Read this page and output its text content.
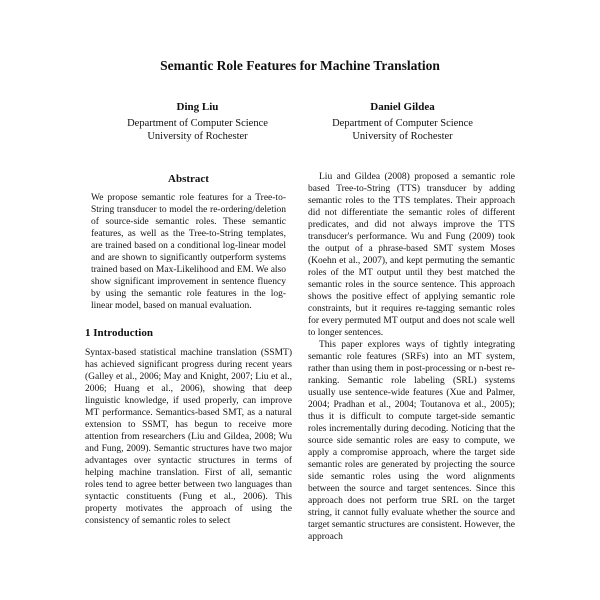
Semantic Role Features for Machine Translation
Ding Liu
Department of Computer Science
University of Rochester
Daniel Gildea
Department of Computer Science
University of Rochester
Abstract

We propose semantic role features for a Tree-to-String transducer to model the re-ordering/deletion of source-side semantic roles. These semantic features, as well as the Tree-to-String templates, are trained based on a conditional log-linear model and are shown to significantly outperform systems trained based on Max-Likelihood and EM. We also show significant improvement in sentence fluency by using the semantic role features in the log-linear model, based on manual evaluation.

1 Introduction

Syntax-based statistical machine translation (SSMT) has achieved significant progress during recent years (Galley et al., 2006; May and Knight, 2007; Liu et al., 2006; Huang et al., 2006), showing that deep linguistic knowledge, if used properly, can improve MT performance. Semantics-based SMT, as a natural extension to SSMT, has begun to receive more attention from researchers (Liu and Gildea, 2008; Wu and Fung, 2009). Semantic structures have two major advantages over syntactic structures in terms of helping machine translation. First of all, semantic roles tend to agree better between two languages than syntactic constituents (Fung et al., 2006). This property motivates the approach of using the consistency of semantic roles to select

Liu and Gildea (2008) proposed a semantic role based Tree-to-String (TTS) transducer by adding semantic roles to the TTS templates. Their approach did not differentiate the semantic roles of different predicates, and did not always improve the TTS transducer's performance. Wu and Fung (2009) took the output of a phrase-based SMT system Moses (Koehn et al., 2007), and kept permuting the semantic roles of the MT output until they best matched the semantic roles in the source sentence. This approach shows the positive effect of applying semantic role constraints, but it requires re-tagging semantic roles for every permuted MT output and does not scale well to longer sentences.

This paper explores ways of tightly integrating semantic role features (SRFs) into an MT system, rather than using them in post-processing or n-best re-ranking. Semantic role labeling (SRL) systems usually use sentence-wide features (Xue and Palmer, 2004; Pradhan et al., 2004; Toutanova et al., 2005); thus it is difficult to compute target-side semantic roles incrementally during decoding. Noticing that the source side semantic roles are easy to compute, we apply a compromise approach, where the target side semantic roles are generated by projecting the source side semantic roles using the word alignments between the source and target sentences. Since this approach does not perform true SRL on the target string, it cannot fully evaluate whether the source and target semantic structures are consistent. However, the approach
